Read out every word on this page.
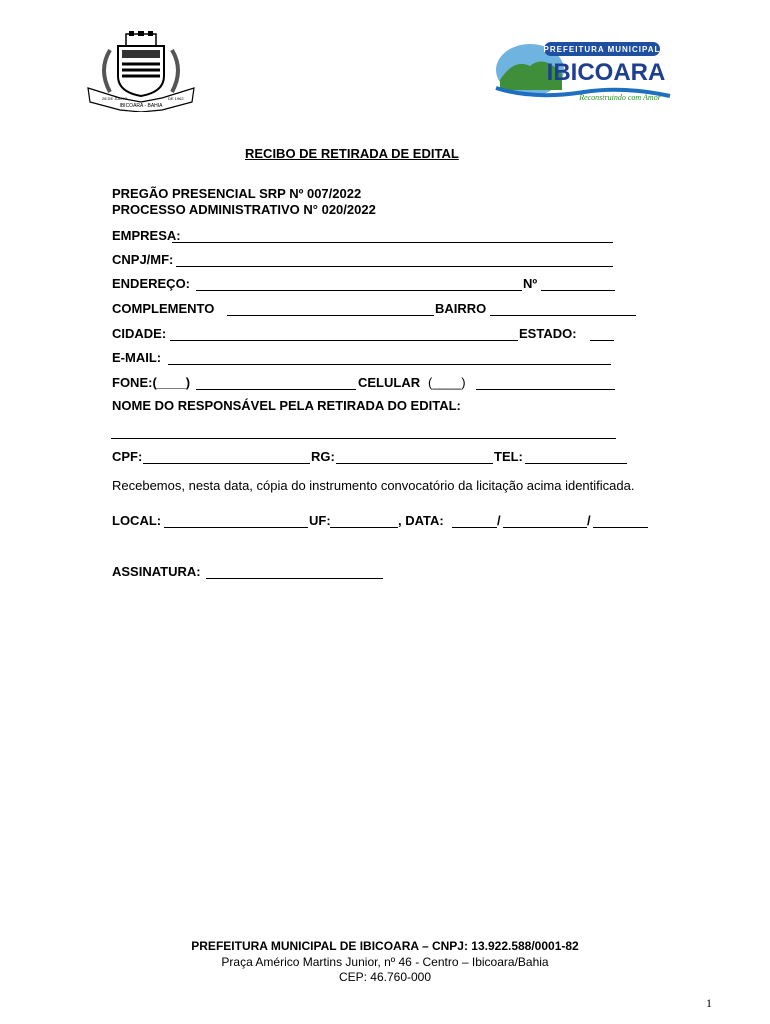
IBICOARA - BAHIA
28 DE JULHO	DE 1962
PREFEITURA MUNICIPAL
IBICOARA
Reconstruindo com Amor
RECIBO DE RETIRADA DE EDITAL
PREGÃO PRESENCIAL SRP Nº 007/2022
PROCESSO ADMINISTRATIVO N° 020/2022
EMPRESA:
CNPJ/MF:
ENDEREÇO:	Nº
COMPLEMENTO	BAIRRO
CIDADE:	ESTADO:
E-MAIL:
FONE:(____)	CELULAR (____)
NOME DO RESPONSÁVEL PELA RETIRADA DO EDITAL:
CPF:	RG:	TEL:
Recebemos, nesta data, cópia do instrumento convocatório da licitação acima identificada.
LOCAL:	UF:	, DATA:	/	/
ASSINATURA:
PREFEITURA MUNICIPAL DE IBICOARA – CNPJ: 13.922.588/0001-82
Praça Américo Martins Junior, nº 46 - Centro – Ibicoara/Bahia
CEP: 46.760-000
1
